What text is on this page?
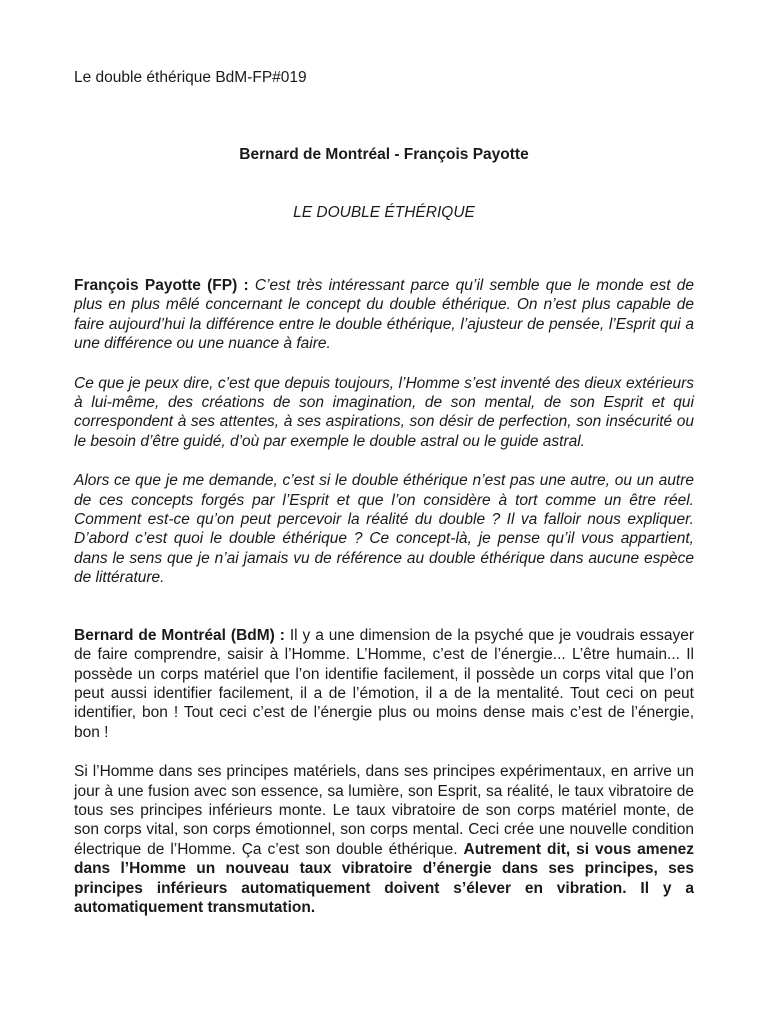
Le double éthérique BdM-FP#019
Bernard de Montréal - François Payotte
LE DOUBLE ÉTHÉRIQUE

François Payotte (FP) : C’est très intéressant parce qu’il semble que le monde est de plus en plus mêlé concernant le concept du double éthérique. On n’est plus capable de faire aujourd’hui la différence entre le double éthérique, l’ajusteur de pensée, l’Esprit qui a une différence ou une nuance à faire.

Ce que je peux dire, c’est que depuis toujours, l’Homme s’est inventé des dieux extérieurs à lui-même, des créations de son imagination, de son mental, de son Esprit et qui correspondent à ses attentes, à ses aspirations, son désir de perfection, son insécurité ou le besoin d’être guidé, d’où par exemple le double astral ou le guide astral.

Alors ce que je me demande, c’est si le double éthérique n’est pas une autre, ou un autre de ces concepts forgés par l’Esprit et que l’on considère à tort comme un être réel. Comment est-ce qu’on peut percevoir la réalité du double ? Il va falloir nous expliquer. D’abord c’est quoi le double éthérique ? Ce concept-là, je pense qu’il vous appartient, dans le sens que je n’ai jamais vu de référence au double éthérique dans aucune espèce de littérature.

Bernard de Montréal (BdM) : Il y a une dimension de la psyché que je voudrais essayer de faire comprendre, saisir à l’Homme. L’Homme, c’est de l’énergie... L’être humain... Il possède un corps matériel que l’on identifie facilement, il possède un corps vital que l’on peut aussi identifier facilement, il a de l’émotion, il a de la mentalité. Tout ceci on peut identifier, bon ! Tout ceci c’est de l’énergie plus ou moins dense mais c’est de l’énergie, bon !

Si l’Homme dans ses principes matériels, dans ses principes expérimentaux, en arrive un jour à une fusion avec son essence, sa lumière, son Esprit, sa réalité, le taux vibratoire de tous ses principes inférieurs monte. Le taux vibratoire de son corps matériel monte, de son corps vital, son corps émotionnel, son corps mental. Ceci crée une nouvelle condition électrique de l’Homme. Ça c’est son double éthérique. Autrement dit, si vous amenez dans l’Homme un nouveau taux vibratoire d’énergie dans ses principes, ses principes inférieurs automatiquement doivent s’élever en vibration. Il y a automatiquement transmutation.
